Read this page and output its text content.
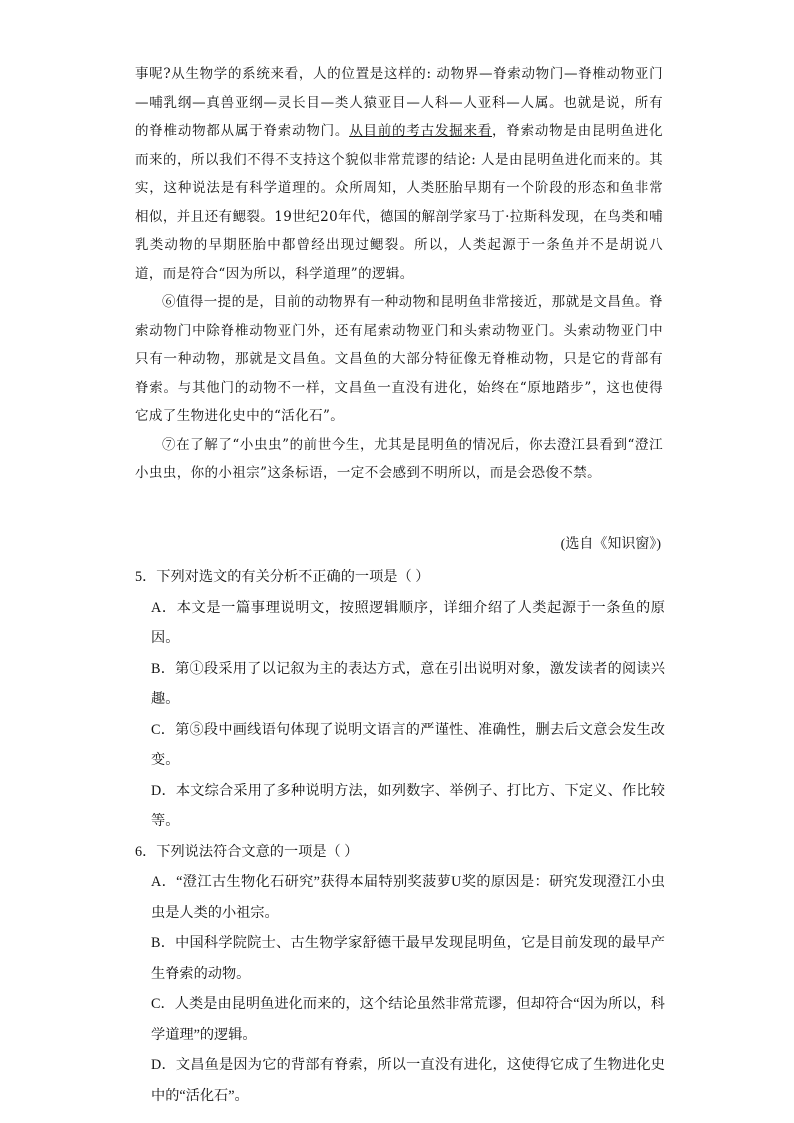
事呢?从生物学的系统来看，人的位置是这样的: 动物界—脊索动物门—脊椎动物亚门—哺乳纲—真兽亚纲—灵长目—类人猿亚目—人科—人亚科—人属。也就是说，所有的脊椎动物都从属于脊索动物门。从目前的考古发掘来看，脊索动物是由昆明鱼进化而来的，所以我们不得不支持这个貌似非常荒谬的结论: 人是由昆明鱼进化而来的。其实，这种说法是有科学道理的。众所周知，人类胚胎早期有一个阶段的形态和鱼非常相似，并且还有鳃裂。19世纪20年代，德国的解剖学家马丁·拉斯科发现，在鸟类和哺乳类动物的早期胚胎中都曾经出现过鳃裂。所以，人类起源于一条鱼并不是胡说八道，而是符合“因为所以，科学道理”的逻辑。

⑥值得一提的是，目前的动物界有一种动物和昆明鱼非常接近，那就是文昌鱼。脊索动物门中除脊椎动物亚门外，还有尾索动物亚门和头索动物亚门。头索动物亚门中只有一种动物，那就是文昌鱼。文昌鱼的大部分特征像无脊椎动物，只是它的背部有脊索。与其他门的动物不一样，文昌鱼一直没有进化，始终在“原地踏步”，这也使得它成了生物进化史中的“活化石”。

⑦在了解了“小虫虫”的前世今生，尤其是昆明鱼的情况后，你去澄江县看到“澄江小虫虫，你的小祖宗”这条标语，一定不会感到不明所以，而是会恐俊不禁。

(选自《知识窗》)

5．下列对选文的有关分析不正确的一项是（ ）

A．本文是一篇事理说明文，按照逻辑顺序，详细介绍了人类起源于一条鱼的原因。

B．第①段采用了以记叙为主的表达方式，意在引出说明对象，激发读者的阅读兴趣。

C．第⑤段中画线语句体现了说明文语言的严谨性、准确性，删去后文意会发生改变。

D．本文综合采用了多种说明方法，如列数字、举例子、打比方、下定义、作比较等。

6．下列说法符合文意的一项是（ ）

A．“澄江古生物化石研究”获得本届特别奖菠萝U奖的原因是：研究发现澄江小虫虫是人类的小祖宗。

B．中国科学院院士、古生物学家舒德干最早发现昆明鱼，它是目前发现的最早产生脊索的动物。

C．人类是由昆明鱼进化而来的，这个结论虽然非常荒谬，但却符合“因为所以，科学道理”的逻辑。

D．文昌鱼是因为它的背部有脊索，所以一直没有进化，这使得它成了生物进化史中的“活化石”。
